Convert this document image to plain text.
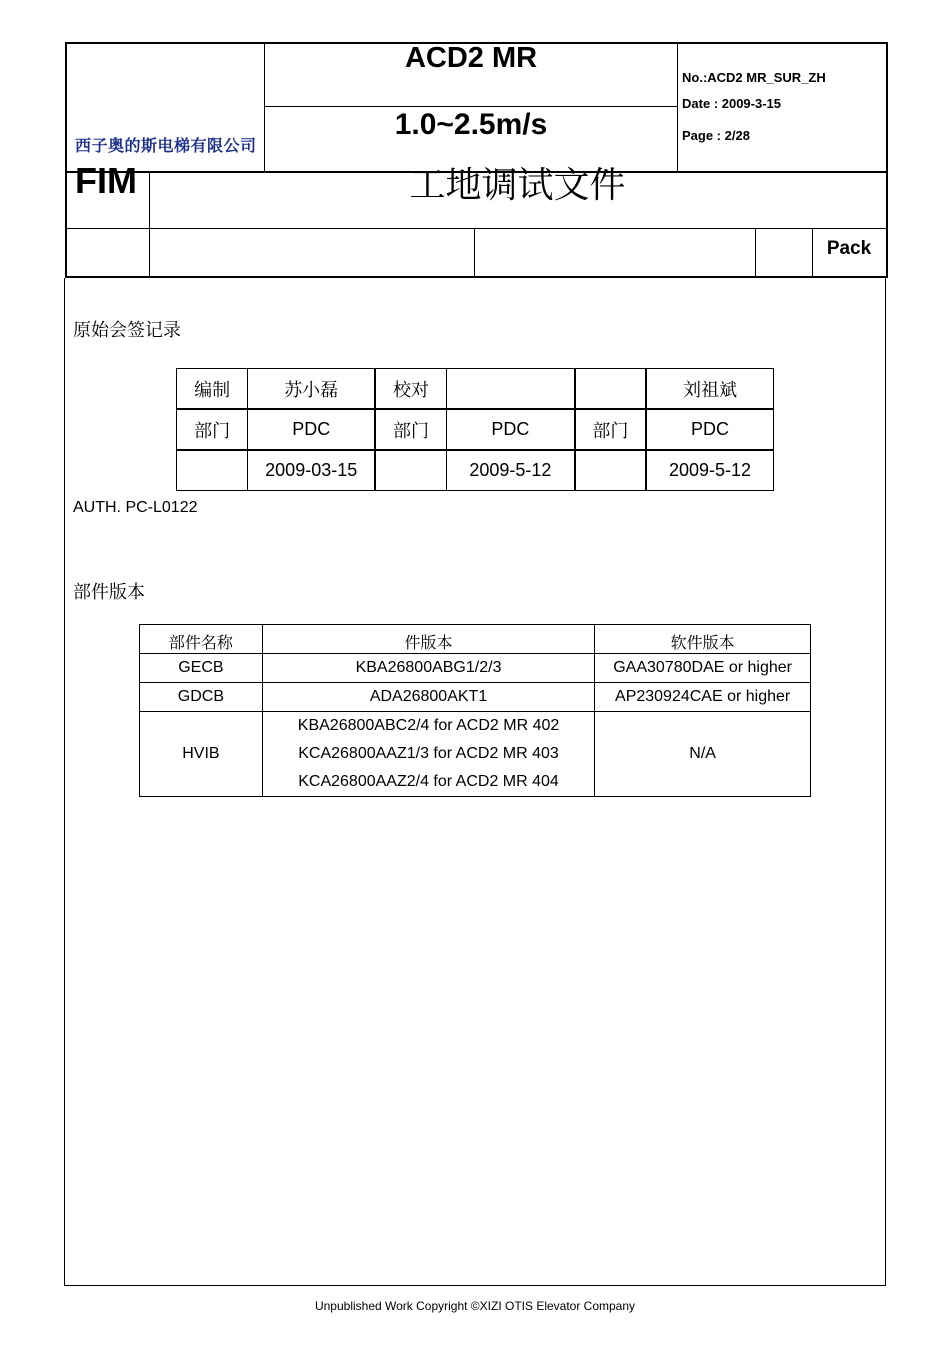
ACD2 MR
1.0~2.5m/s
No.:ACD2 MR_SUR_ZH
Date : 2009-3-15
Page : 2/28
西子奥的斯电梯有限公司
FIM	工地调试文件
Pack
原始会签记录
编制	苏小磊	校对			刘祖斌
部门	PDC	部门	PDC	部门	PDC
	2009-03-15		2009-5-12		2009-5-12
AUTH. PC-L0122
部件版本
部件名称	件版本	软件版本
GECB	KBA26800ABG1/2/3	GAA30780DAE or higher
GDCB	ADA26800AKT1	AP230924CAE or higher
HVIB	KBA26800ABC2/4 for ACD2 MR 402
KCA26800AAZ1/3 for ACD2 MR 403
KCA26800AAZ2/4 for ACD2 MR 404	N/A
Unpublished Work Copyright ©XIZI OTIS Elevator Company
